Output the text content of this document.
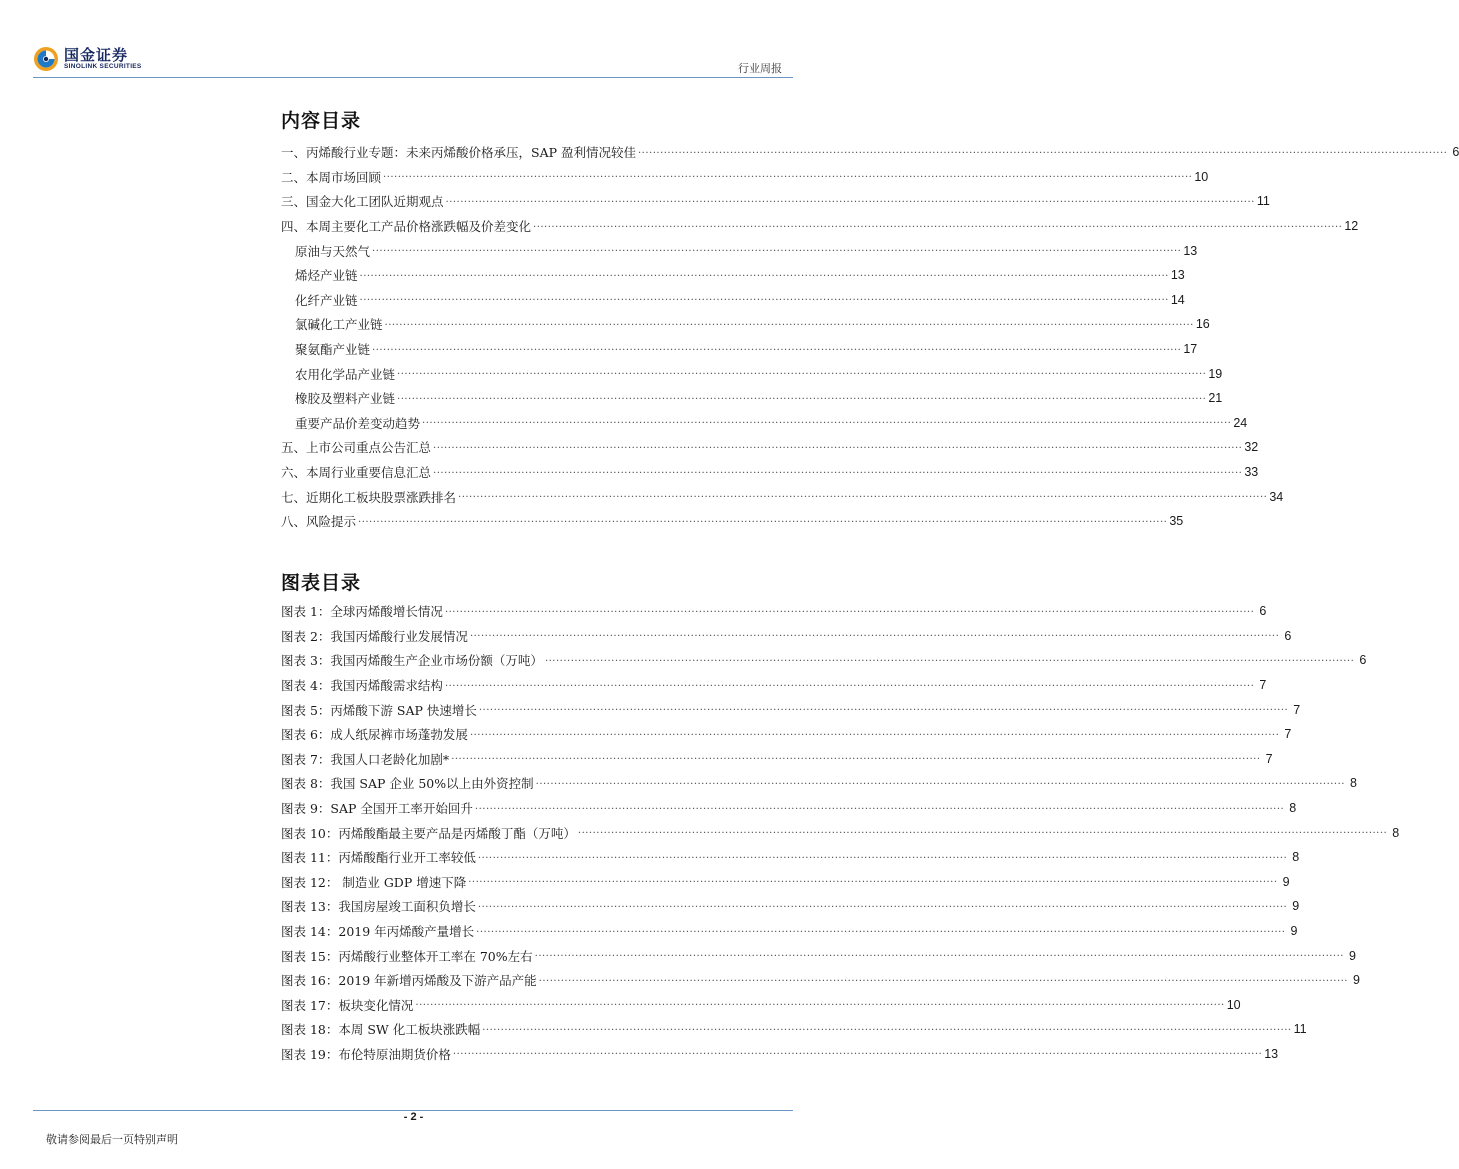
国金证券
SINOLINK SECURITIES	行业周报
内容目录
一、丙烯酸行业专题：未来丙烯酸价格承压，SAP 盈利情况较佳 ............................................................................................................................................................................................................................ 6
二、本周市场回顾 ............................................................................................................................................................................................................................ 10
三、国金大化工团队近期观点 ............................................................................................................................................................................................................................ 11
四、本周主要化工产品价格涨跌幅及价差变化 ............................................................................................................................................................................................................................ 12
原油与天然气 ............................................................................................................................................................................................................................ 13
烯烃产业链 ............................................................................................................................................................................................................................ 13
化纤产业链 ............................................................................................................................................................................................................................ 14
氯碱化工产业链 ............................................................................................................................................................................................................................ 16
聚氨酯产业链 ............................................................................................................................................................................................................................ 17
农用化学品产业链 ............................................................................................................................................................................................................................ 19
橡胶及塑料产业链 ............................................................................................................................................................................................................................ 21
重要产品价差变动趋势 ............................................................................................................................................................................................................................ 24
五、上市公司重点公告汇总 ............................................................................................................................................................................................................................ 32
六、本周行业重要信息汇总 ............................................................................................................................................................................................................................ 33
七、近期化工板块股票涨跌排名 ............................................................................................................................................................................................................................ 34
八、风险提示 ............................................................................................................................................................................................................................ 35
图表目录
图表 1：全球丙烯酸增长情况 ............................................................................................................................................................................................................................ 6
图表 2：我国丙烯酸行业发展情况 ............................................................................................................................................................................................................................ 6
图表 3：我国丙烯酸生产企业市场份额（万吨） ............................................................................................................................................................................................................................ 6
图表 4：我国丙烯酸需求结构 ............................................................................................................................................................................................................................ 7
图表 5：丙烯酸下游 SAP 快速增长 ............................................................................................................................................................................................................................ 7
图表 6：成人纸尿裤市场蓬勃发展 ............................................................................................................................................................................................................................ 7
图表 7：我国人口老龄化加剧* ............................................................................................................................................................................................................................ 7
图表 8：我国 SAP 企业 50%以上由外资控制 ............................................................................................................................................................................................................................ 8
图表 9：SAP 全国开工率开始回升 ............................................................................................................................................................................................................................ 8
图表 10：丙烯酸酯最主要产品是丙烯酸丁酯（万吨） ............................................................................................................................................................................................................................ 8
图表 11：丙烯酸酯行业开工率较低 ............................................................................................................................................................................................................................ 8
图表 12： 制造业 GDP 增速下降 ............................................................................................................................................................................................................................ 9
图表 13：我国房屋竣工面积负增长 ............................................................................................................................................................................................................................ 9
图表 14：2019 年丙烯酸产量增长 ............................................................................................................................................................................................................................ 9
图表 15：丙烯酸行业整体开工率在 70%左右 ............................................................................................................................................................................................................................ 9
图表 16：2019 年新增丙烯酸及下游产品产能 ............................................................................................................................................................................................................................ 9
图表 17：板块变化情况 ............................................................................................................................................................................................................................ 10
图表 18：本周 SW 化工板块涨跌幅 ............................................................................................................................................................................................................................ 11
图表 19：布伦特原油期货价格 ............................................................................................................................................................................................................................ 13
- 2 -
敬请参阅最后一页特别声明
